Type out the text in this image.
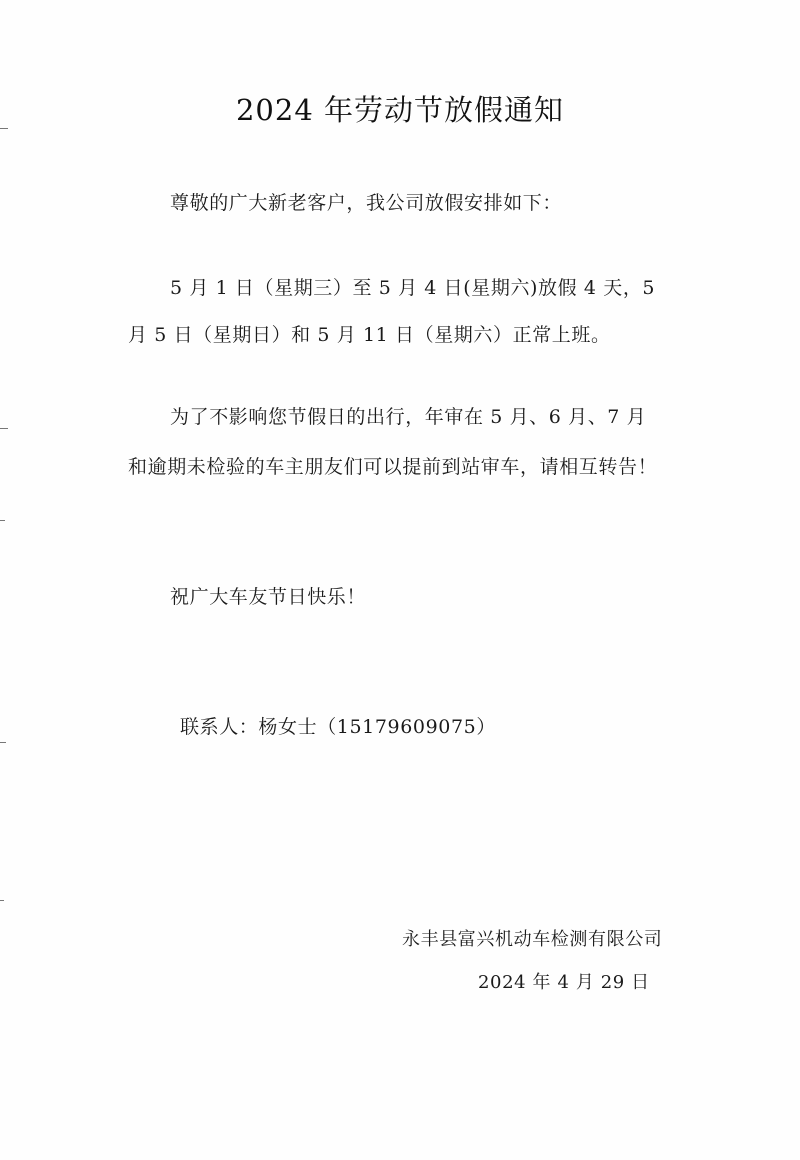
2024 年劳动节放假通知
尊敬的广大新老客户，我公司放假安排如下：
5 月 1 日（星期三）至 5 月 4 日(星期六)放假 4 天，5
月 5 日（星期日）和 5 月 11 日（星期六）正常上班。
为了不影响您节假日的出行，年审在 5 月、6 月、7 月
和逾期未检验的车主朋友们可以提前到站审车，请相互转告！
祝广大车友节日快乐！
联系人：杨女士（15179609075）
永丰县富兴机动车检测有限公司
2024 年 4 月 29 日
